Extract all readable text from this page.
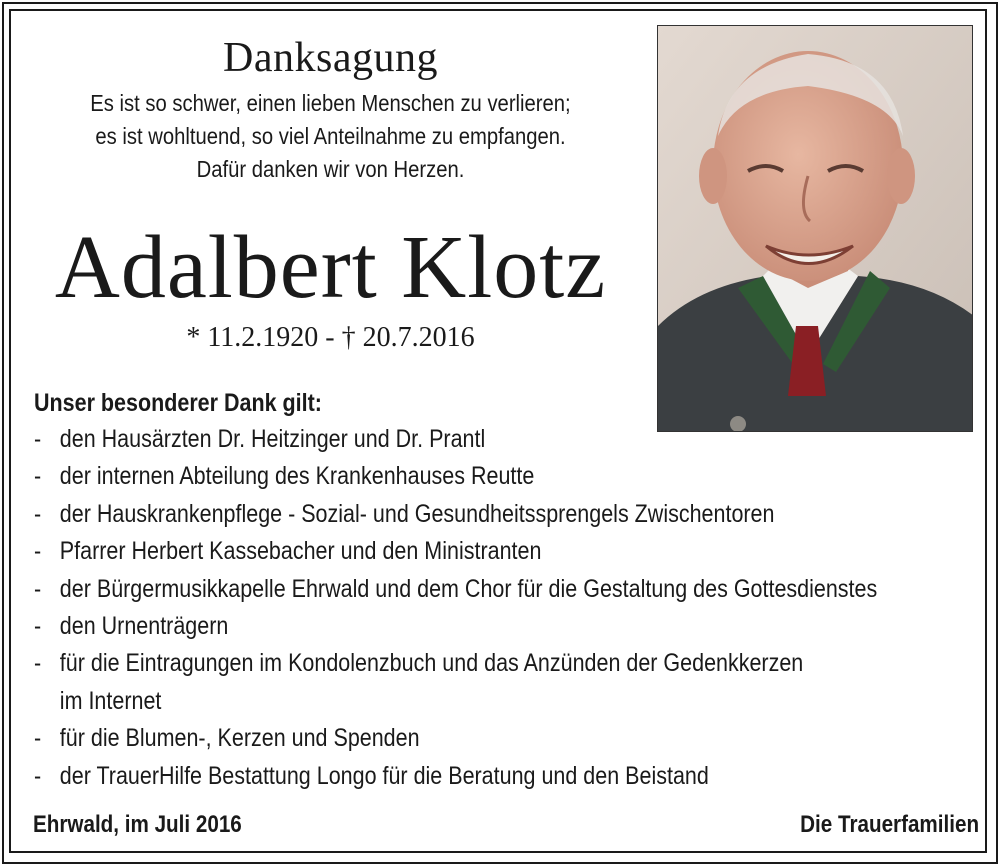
Danksagung
Es ist so schwer, einen lieben Menschen zu verlieren;
es ist wohltuend, so viel Anteilnahme zu empfangen.
Dafür danken wir von Herzen.
Adalbert Klotz
* 11.2.1920 - † 20.7.2016
Unser besonderer Dank gilt:
- den Hausärzten Dr. Heitzinger und Dr. Prantl
- der internen Abteilung des Krankenhauses Reutte
- der Hauskrankenpflege - Sozial- und Gesundheitssprengels Zwischentoren
- Pfarrer Herbert Kassebacher und den Ministranten
- der Bürgermusikkapelle Ehrwald und dem Chor für die Gestaltung des Gottesdienstes
- den Urnenträgern
- für die Eintragungen im Kondolenzbuch und das Anzünden der Gedenkkerzen
im Internet
- für die Blumen-, Kerzen und Spenden
- der TrauerHilfe Bestattung Longo für die Beratung und den Beistand
Ehrwald, im Juli 2016	Die Trauerfamilien
